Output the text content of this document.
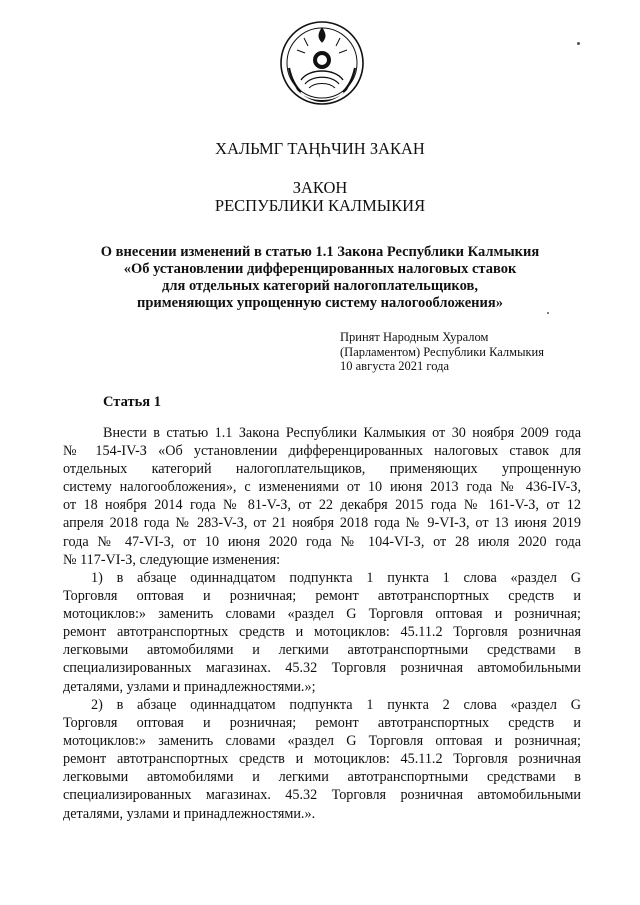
ХАЛЬМГ ТАҢҺЧИН ЗАКАН
ЗАКОН
РЕСПУБЛИКИ КАЛМЫКИЯ
О внесении изменений в статью 1.1 Закона Республики Калмыкия
«Об установлении дифференцированных налоговых ставок
для отдельных категорий налогоплательщиков,
применяющих упрощенную систему налогообложения»
Принят Народным Хуралом
(Парламентом) Республики Калмыкия
10 августа 2021 года
Статья 1
Внести в статью 1.1 Закона Республики Калмыкия от 30 ноября 2009 года
№ 154-IV-З «Об установлении дифференцированных налоговых ставок для
отдельных категорий налогоплательщиков, применяющих упрощенную
систему налогообложения», с изменениями от 10 июня 2013 года № 436-IV-З,
от 18 ноября 2014 года № 81-V-З, от 22 декабря 2015 года № 161-V-З, от 12
апреля 2018 года № 283-V-З, от 21 ноября 2018 года № 9-VI-З, от 13 июня 2019
года № 47-VI-З, от 10 июня 2020 года № 104-VI-З, от 28 июля 2020 года
№ 117-VI-З, следующие изменения:
1) в абзаце одиннадцатом подпункта 1 пункта 1 слова «раздел G
Торговля оптовая и розничная; ремонт автотранспортных средств и
мотоциклов:» заменить словами «раздел G Торговля оптовая и розничная;
ремонт автотранспортных средств и мотоциклов: 45.11.2 Торговля розничная
легковыми автомобилями и легкими автотранспортными средствами в
специализированных магазинах. 45.32 Торговля розничная автомобильными
деталями, узлами и принадлежностями.»;
2) в абзаце одиннадцатом подпункта 1 пункта 2 слова «раздел G
Торговля оптовая и розничная; ремонт автотранспортных средств и
мотоциклов:» заменить словами «раздел G Торговля оптовая и розничная;
ремонт автотранспортных средств и мотоциклов: 45.11.2 Торговля розничная
легковыми автомобилями и легкими автотранспортными средствами в
специализированных магазинах. 45.32 Торговля розничная автомобильными
деталями, узлами и принадлежностями.».
